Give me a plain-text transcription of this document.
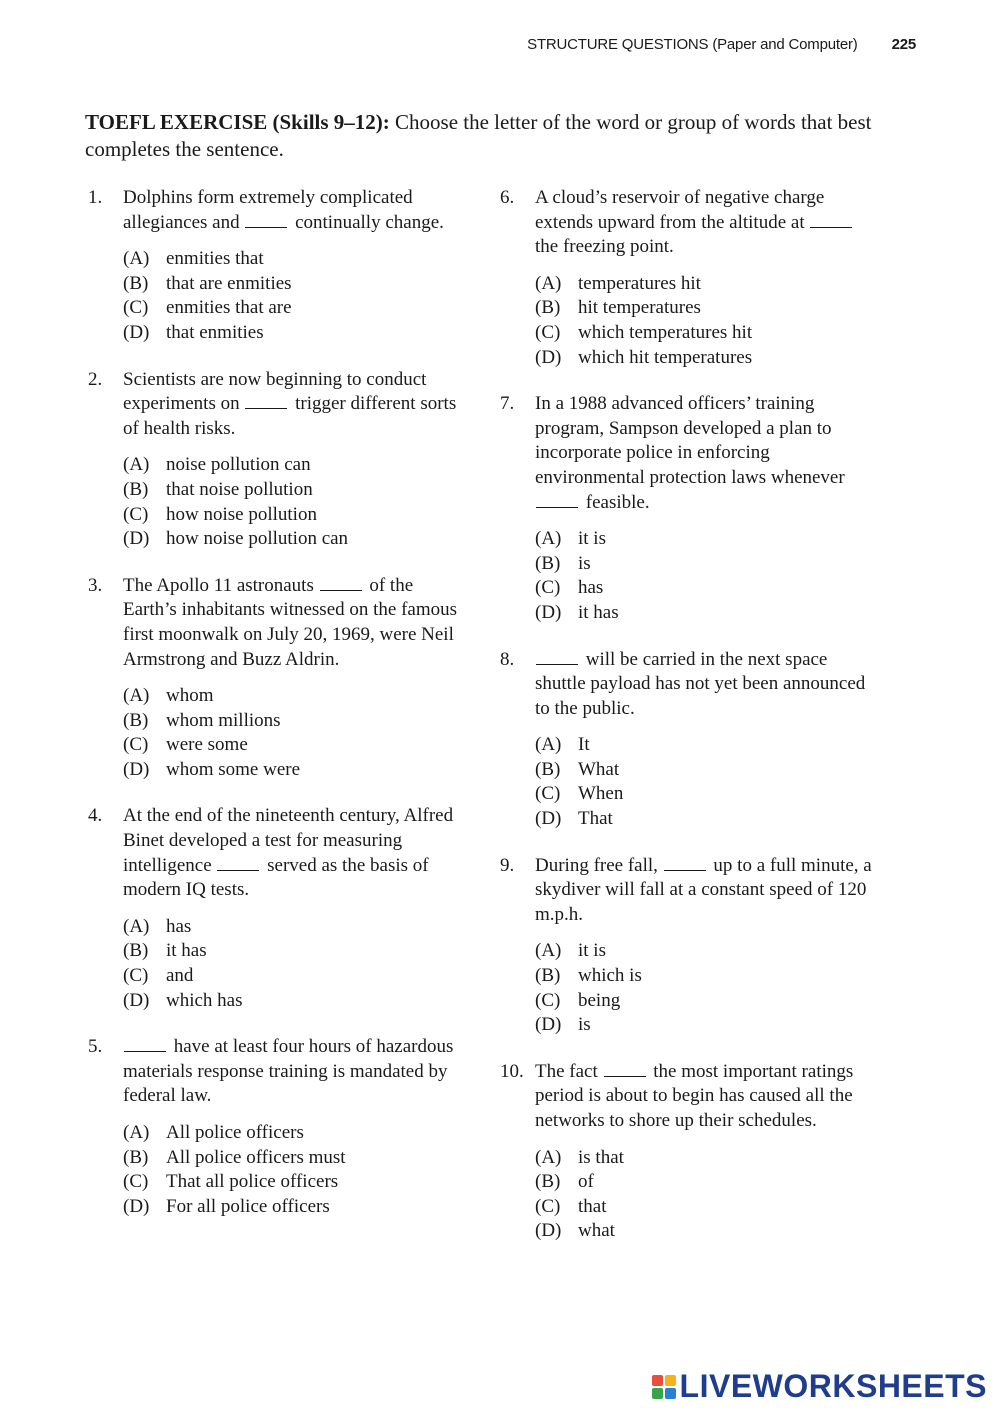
STRUCTURE QUESTIONS (Paper and Computer) 225
TOEFL EXERCISE (Skills 9–12): Choose the letter of the word or group of words that best completes the sentence.
1.	Dolphins form extremely complicated allegiances and  continually change.
(A) enmities that
(B) that are enmities
(C) enmities that are
(D) that enmities
2.	Scientists are now beginning to conduct experiments on  trigger different sorts of health risks.
(A) noise pollution can
(B) that noise pollution
(C) how noise pollution
(D) how noise pollution can
3.	The Apollo 11 astronauts  of the Earth’s inhabitants witnessed on the famous first moonwalk on July 20, 1969, were Neil Armstrong and Buzz Aldrin.
(A) whom
(B) whom millions
(C) were some
(D) whom some were
4.	At the end of the nineteenth century, Alfred Binet developed a test for measuring intelligence  served as the basis of modern IQ tests.
(A) has
(B) it has
(C) and
(D) which has
5.	have at least four hours of hazardous materials response training is mandated by federal law.
(A) All police officers
(B) All police officers must
(C) That all police officers
(D) For all police officers
6.	A cloud’s reservoir of negative charge extends upward from the altitude at  the freezing point.
(A) temperatures hit
(B) hit temperatures
(C) which temperatures hit
(D) which hit temperatures
7.	In a 1988 advanced officers’ training program, Sampson developed a plan to incorporate police in enforcing environmental protection laws whenever  feasible.
(A) it is
(B) is
(C) has
(D) it has
8.	will be carried in the next space shuttle payload has not yet been announced to the public.
(A) It
(B) What
(C) When
(D) That
9.	During free fall,  up to a full minute, a skydiver will fall at a constant speed of 120 m.p.h.
(A) it is
(B) which is
(C) being
(D) is
10. The fact  the most important ratings period is about to begin has caused all the networks to shore up their schedules.
(A) is that
(B) of
(C) that
(D) what
LIVEWORKSHEETS
